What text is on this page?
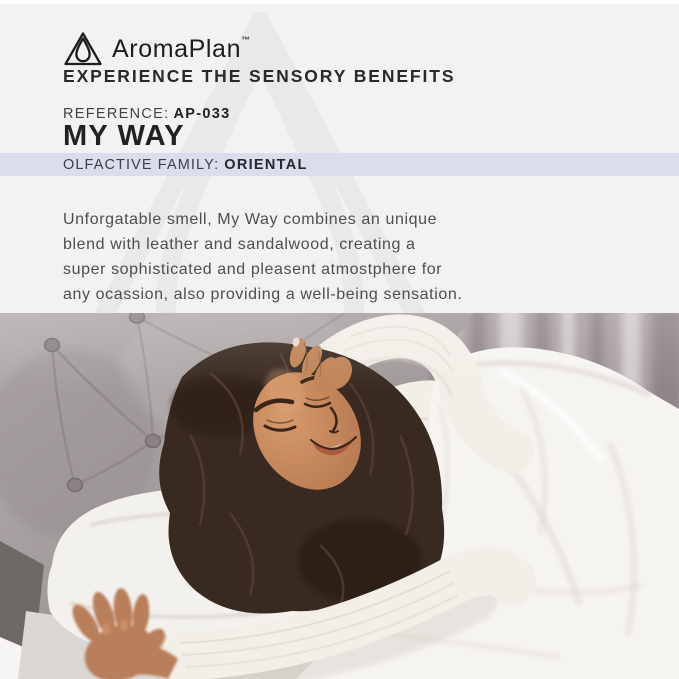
AromaPlan™
EXPERIENCE THE SENSORY BENEFITS
REFERENCE: AP-033
MY WAY
OLFACTIVE FAMILY: ORIENTAL
Unforgatable smell, My Way combines an unique
blend with leather and sandalwood, creating a
super sophisticated and pleasent atmostphere for
any ocassion, also providing a well-being sensation.
